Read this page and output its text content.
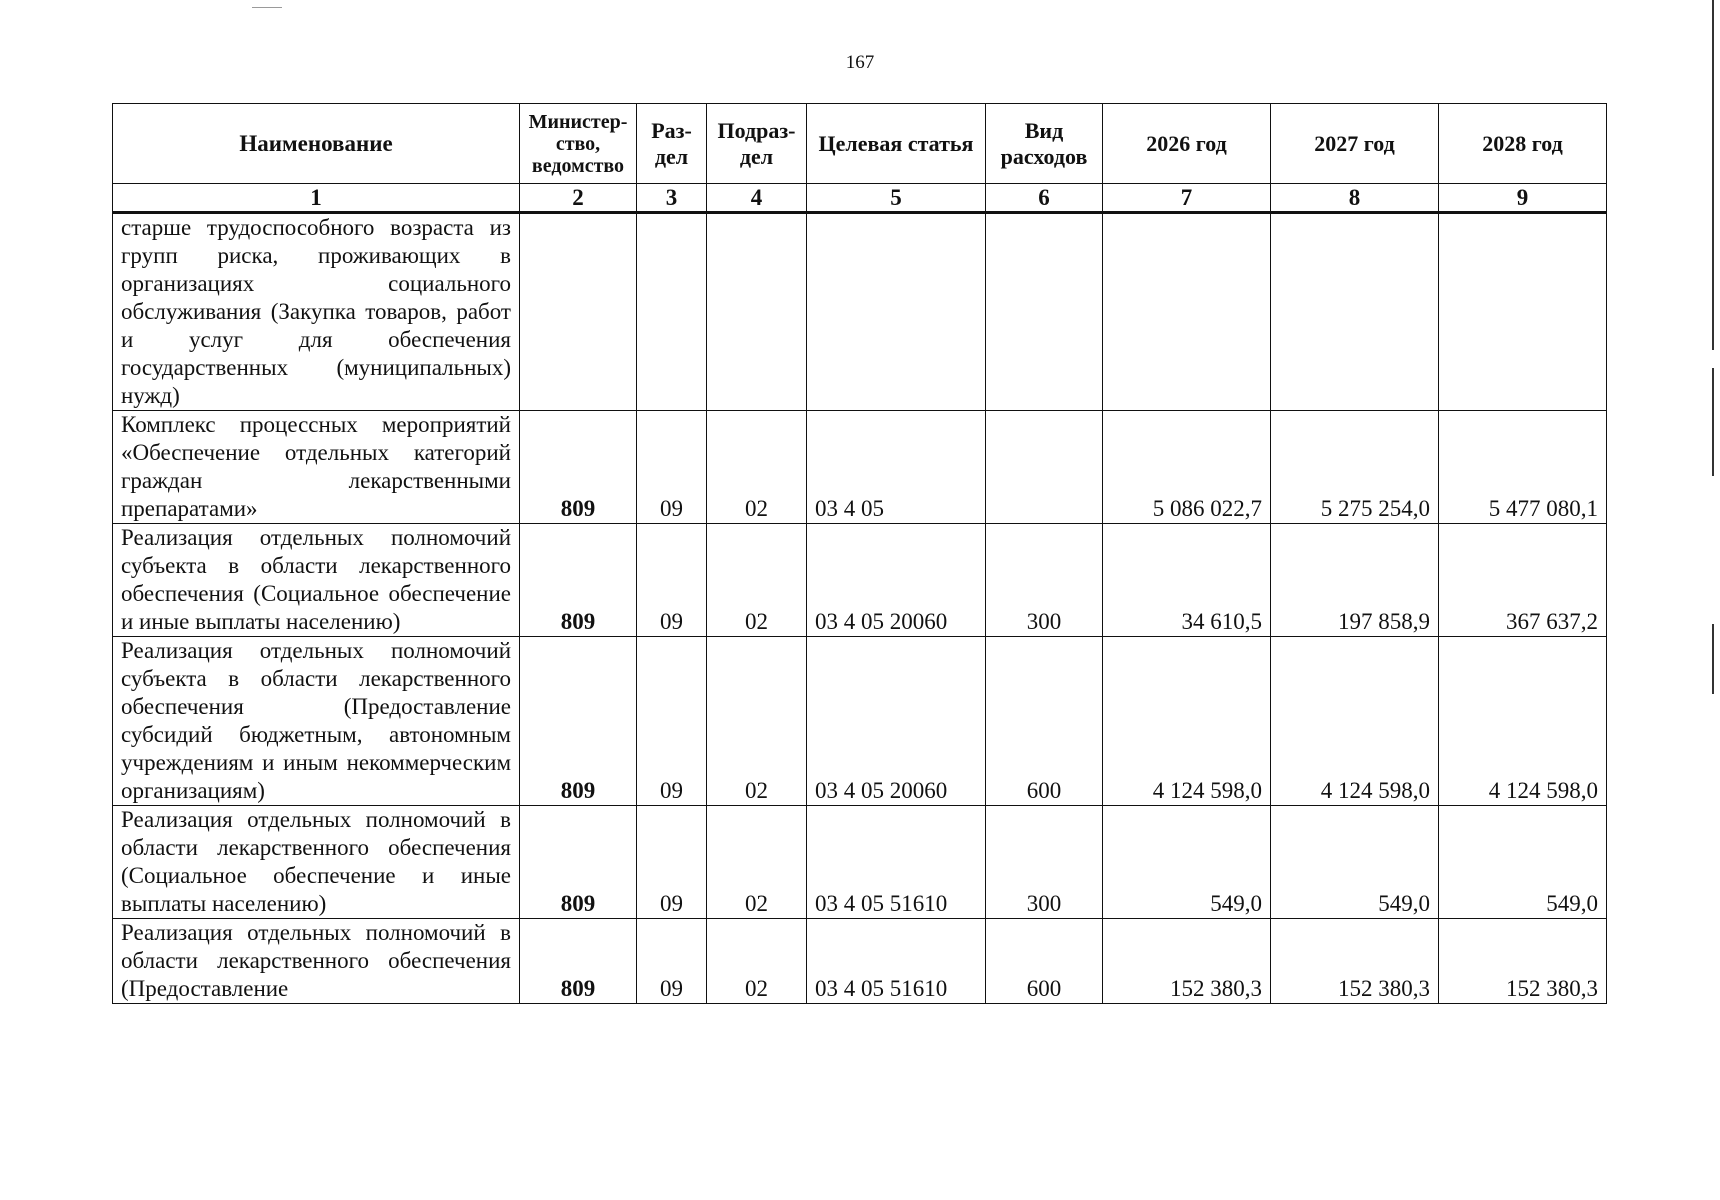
167
Наименование	Министер-ство, ведомство	Раз-дел	Подраз-дел	Целевая статья	Вид расходов	2026 год	2027 год	2028 год
1	2	3	4	5	6	7	8	9
старше трудоспособного возраста из групп риска, проживающих в организациях социального обслуживания (Закупка товаров, работ и услуг для обеспечения государственных (муниципальных) нужд)								
Комплекс процессных мероприятий «Обеспечение отдельных категорий граждан лекарственными препаратами»	809	09	02	03 4 05		5 086 022,7	5 275 254,0	5 477 080,1
Реализация отдельных полномочий субъекта в области лекарственного обеспечения (Социальное обеспечение и иные выплаты населению)	809	09	02	03 4 05 20060	300	34 610,5	197 858,9	367 637,2
Реализация отдельных полномочий субъекта в области лекарственного обеспечения (Предоставление субсидий бюджетным, автономным учреждениям и иным некоммерческим организациям)	809	09	02	03 4 05 20060	600	4 124 598,0	4 124 598,0	4 124 598,0
Реализация отдельных полномочий в области лекарственного обеспечения (Социальное обеспечение и иные выплаты населению)	809	09	02	03 4 05 51610	300	549,0	549,0	549,0
Реализация отдельных полномочий в области лекарственного обеспечения (Предоставление	809	09	02	03 4 05 51610	600	152 380,3	152 380,3	152 380,3
